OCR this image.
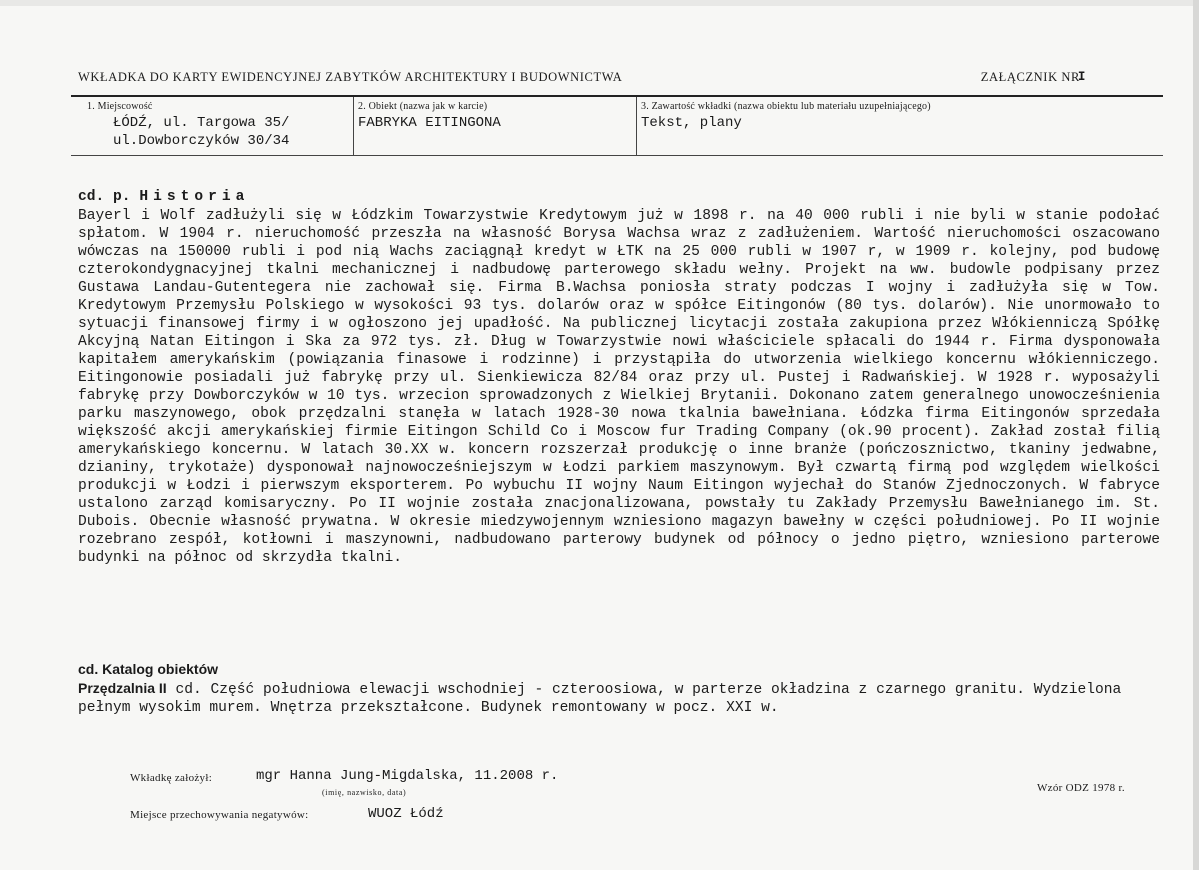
WKŁADKA DO KARTY EWIDENCYJNEJ ZABYTKÓW ARCHITEKTURY I BUDOWNICTWA	ZAŁĄCZNIK NR
I
1. Miejscowość
ŁÓDŹ, ul. Targowa 35/
ul.Dowborczyków 30/34
2. Obiekt (nazwa jak w karcie)
FABRYKA EITINGONA
3. Zawartość wkładki (nazwa obiektu lub materiału uzupełniającego)
Tekst, plany
cd. p. Historia
Bayerl i Wolf zadłużyli się w Łódzkim Towarzystwie Kredytowym już w 1898 r. na 40 000 rubli i nie byli w stanie podołać spłatom. W 1904 r. nieruchomość przeszła na własność Borysa Wachsa wraz z zadłużeniem. Wartość nieruchomości oszacowano wówczas na 150000 rubli i pod nią Wachs zaciągnął kredyt w ŁTK na 25 000 rubli w 1907 r, w 1909 r. kolejny, pod budowę czterokondygnacyjnej tkalni mechanicznej i nadbudowę parterowego składu wełny. Projekt na ww. budowle podpisany przez Gustawa Landau-Gutentegera nie zachował się. Firma B.Wachsa poniosła straty podczas I wojny i zadłużyła się w Tow. Kredytowym Przemysłu Polskiego w wysokości 93 tys. dolarów oraz w spółce Eitingonów (80 tys. dolarów). Nie unormowało to sytuacji finansowej firmy i w ogłoszono jej upadłość. Na publicznej licytacji została zakupiona przez Włókienniczą Spółkę Akcyjną Natan Eitingon i Ska za 972 tys. zł. Dług w Towarzystwie nowi właściciele spłacali do 1944 r. Firma dysponowała kapitałem amerykańskim (powiązania finasowe i rodzinne) i przystąpiła do utworzenia wielkiego koncernu włókienniczego. Eitingonowie posiadali już fabrykę przy ul. Sienkiewicza 82/84 oraz przy ul. Pustej i Radwańskiej. W 1928 r. wyposażyli fabrykę przy Dowborczyków w 10 tys. wrzecion sprowadzonych z Wielkiej Brytanii. Dokonano zatem generalnego unowocześnienia parku maszynowego, obok przędzalni stanęła w latach 1928-30 nowa tkalnia bawełniana. Łódzka firma Eitingonów sprzedała większość akcji amerykańskiej firmie Eitingon Schild Co i Moscow fur Trading Company (ok.90 procent). Zakład został filią amerykańskiego koncernu. W latach 30.XX w. koncern rozszerzał produkcję o inne branże (pończosznictwo, tkaniny jedwabne, dzianiny, trykotaże) dysponował najnowocześniejszym w Łodzi parkiem maszynowym. Był czwartą firmą pod względem wielkości produkcji w Łodzi i pierwszym eksporterem. Po wybuchu II wojny Naum Eitingon wyjechał do Stanów Zjednoczonych. W fabryce ustalono zarząd komisaryczny. Po II wojnie została znacjonalizowana, powstały tu Zakłady Przemysłu Bawełnianego im. St. Dubois. Obecnie własność prywatna. W okresie miedzywojennym wzniesiono magazyn bawełny w części południowej. Po II wojnie rozebrano zespół, kotłowni i maszynowni, nadbudowano parterowy budynek od północy o jedno piętro, wzniesiono parterowe budynki na północ od skrzydła tkalni.
cd. Katalog obiektów
Przędzalnia II cd. Część południowa elewacji wschodniej - czteroosiowa, w parterze okładzina z czarnego granitu. Wydzielona pełnym wysokim murem. Wnętrza przekształcone. Budynek remontowany w pocz. XXI w.
Wkładkę założył:	mgr Hanna Jung-Migdalska, 11.2008 r.
(imię, nazwisko, data)
Miejsce przechowywania negatywów:	WUOZ Łódź
Wzór ODZ 1978 r.
